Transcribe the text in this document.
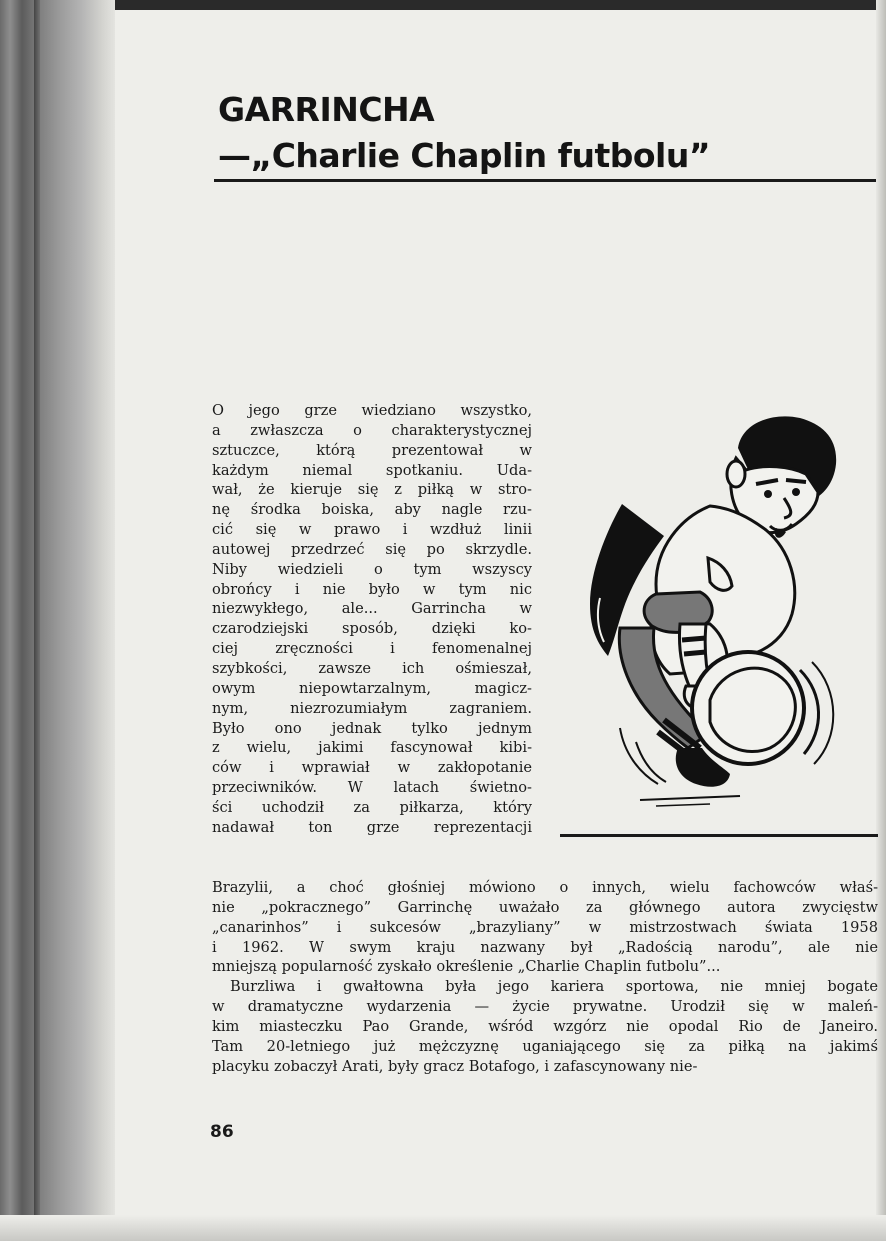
GARRINCHA
—„Charlie Chaplin futbolu”
O jego grze wiedziano wszystko,
a zwłaszcza o charakterystycznej
sztuczce, którą prezentował w
każdym niemal spotkaniu. Uda-
wał, że kieruje się z piłką w stro-
nę środka boiska, aby nagle rzu-
cić się w prawo i wzdłuż linii
autowej przedrzeć się po skrzydle.
Niby wiedzieli o tym wszyscy
obrońcy i nie było w tym nic
niezwykłego, ale... Garrincha w
czarodziejski sposób, dzięki ko-
ciej zręczności i fenomenalnej
szybkości, zawsze ich ośmieszał,
owym niepowtarzalnym, magicz-
nym, niezrozumiałym zagraniem.
Było ono jednak tylko jednym
z wielu, jakimi fascynował kibi-
ców i wprawiał w zakłopotanie
przeciwników. W latach świetno-
ści uchodził za piłkarza, który
nadawał ton grze reprezentacji
Brazylii, a choć głośniej mówiono o innych, wielu fachowców właś-
nie „pokracznego” Garrinchę uważało za głównego autora zwycięstw
„canarinhos” i sukcesów „brazyliany” w mistrzostwach świata 1958
i 1962. W swym kraju nazwany był „Radością narodu”, ale nie
mniejszą popularność zyskało określenie „Charlie Chaplin futbolu”...
Burzliwa i gwałtowna była jego kariera sportowa, nie mniej bogate
w dramatyczne wydarzenia — życie prywatne. Urodził się w maleń-
kim miasteczku Pao Grande, wśród wzgórz nie opodal Rio de Janeiro.
Tam 20-letniego już mężczyznę uganiającego się za piłką na jakimś
placyku zobaczył Arati, były gracz Botafogo, i zafascynowany nie-
86
